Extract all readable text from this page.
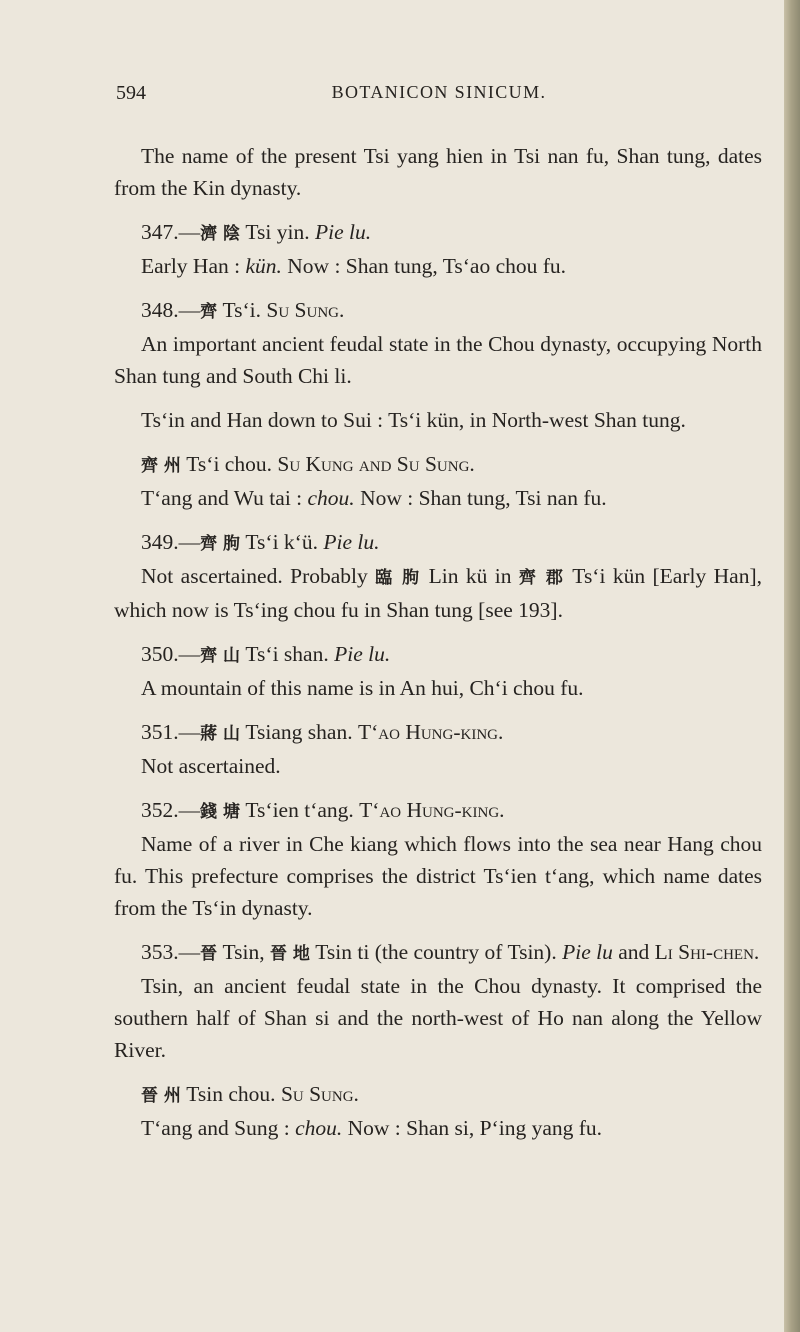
594	BOTANICON SINICUM.

The name of the present Tsi yang hien in Tsi nan fu, Shan tung, dates from the Kin dynasty.

347.—濟 陰 Tsi yin. Pie lu.

Early Han : kün. Now : Shan tung, Ts‘ao chou fu.

348.—齊 Ts‘i. Su Sung.

An important ancient feudal state in the Chou dynasty, occupying North Shan tung and South Chi li.

Ts‘in and Han down to Sui : Ts‘i kün, in North-west Shan tung.

齊 州 Ts‘i chou. Su Kung and Su Sung.

T‘ang and Wu tai : chou. Now : Shan tung, Tsi nan fu.

349.—齊 朐 Ts‘i k‘ü. Pie lu.

Not ascertained. Probably 臨 朐 Lin kü in 齊 郡 Ts‘i kün [Early Han], which now is Ts‘ing chou fu in Shan tung [see 193].

350.—齊 山 Ts‘i shan. Pie lu.

A mountain of this name is in An hui, Ch‘i chou fu.

351.—蔣 山 Tsiang shan. T‘ao Hung-king.

Not ascertained.

352.—錢 塘 Ts‘ien t‘ang. T‘ao Hung-king.

Name of a river in Che kiang which flows into the sea near Hang chou fu. This prefecture comprises the district Ts‘ien t‘ang, which name dates from the Ts‘in dynasty.

353.—晉 Tsin, 晉 地 Tsin ti (the country of Tsin). Pie lu and Li Shi-chen.

Tsin, an ancient feudal state in the Chou dynasty. It comprised the southern half of Shan si and the north-west of Ho nan along the Yellow River.

晉 州 Tsin chou. Su Sung.

T‘ang and Sung : chou. Now : Shan si, P‘ing yang fu.
